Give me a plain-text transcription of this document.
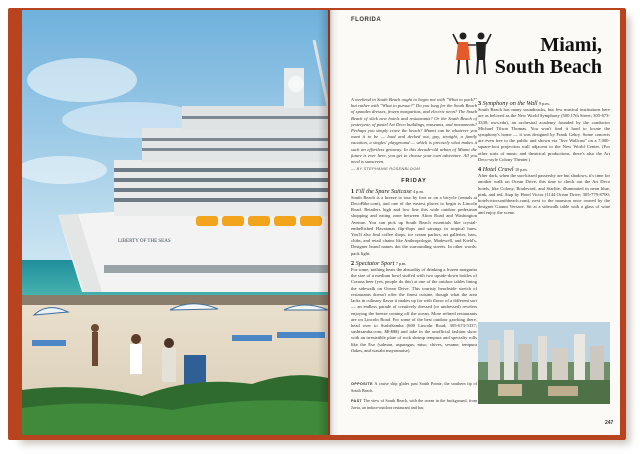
LIBERTY OF THE SEAS
FLORIDA
Miami,
South Beach

A weekend in South Beach ought to begin not with "What to pack?" but rather with "What to pursue?" Do you long for the South Beach of spandex dresses, frozen margaritas, and electric neon? The South Beach of slick new hotels and restaurants? Or the South Beach of yesteryear, of pastel Art Deco buildings, museums, and monuments? Perhaps you simply crave the beach? Miami can be whatever you want it to be — loud and decked out, gay, straight, a family vacation, a singles' playground — which is precisely what makes it such an effortless getaway. In this decade-old urban of Miami the future is ever here, you get to choose your own adventure. All you need is sunscreen.
— BY STEPHANIE ROSENBLOOM

FRIDAY
1 Fill the Spare Suitcase 4 p.m.

South Beach is a breeze to tour by foot or on a bicycle (rentals at DecoBike.com), and one of the easiest places to begin is Lincoln Road. Retailers high and low line this wide outdoor pedestrian shopping and eating zone between Alton Road and Washington Avenue. You can pick up South Beach essentials like crystal-embellished Havaianas flip-flops and sarongs in tropical hues. You'll also find coffee shops, ice cream parlors, art galleries, bars, clubs, and retail chains like Anthropologie, Madewell, and Kiehl's. Designer brand names dot the surrounding streets. In other words: pack light.

2 Spectator Sport 7 p.m.

For some, nothing beats the absurdity of drinking a frozen margarita the size of a medium bowl stuffed with two upside-down bottles of Corona beer (yes, people do this) at one of the outdoor tables lining the sidewalk on Ocean Drive. This touristy beachside stretch of restaurants doesn't offer the finest cuisine, though what the area lacks in culinary flavor it makes up for with flavor of a different sort — an endless parade of creatively dressed (or undressed) revelers enjoying the breeze coming off the ocean. More refined restaurants are on Lincoln Road. For some of the best outdoor gawking there, head over to SushiSamba (600 Lincoln Road; 305-673-5337; sushisamba.com; $$-$$$) and take in the unofficial fashion show with an irresistible plate of rock shrimp tempura and specialty rolls like the Eso (salmon, asparagus, miso, chives, sesame, tempura flakes, and wasabi mayonnaise).

3 Symphony on the Wall 9 p.m.

South Beach has many soundtracks, but few musical institutions here are as beloved as the New World Symphony (500 17th Street; 305-673-3330; nws.edu), an orchestral academy founded by the conductor Michael Tilson Thomas. You won't find it hard to locate the symphony's home — it was designed by Frank Gehry. Some concerts are even free to the public and shown via "live Wallcast" on a 7,000-square-foot projection wall adjacent to the New World Center. (For other sorts of music and theatrical productions, there's also the Art Deco-style Colony Theater.)

4 Hotel Crawl 10 p.m.

After dark, when the sun-kissed passersby are but shadows, it's time for another walk on Ocean Drive, this time to check out the Art Deco hotels, like Colony, Boulevard, and Starlite, illuminated in neon blue, pink, and red. Stop by Hotel Victor (1144 Ocean Drive; 305-779-8700; hotelvictorsouthbeach.com), next to the mansion once owned by the designer Gianni Versace. Sit at a sidewalk table with a glass of wine and enjoy the scene.

OPPOSITE A cruise ship glides past South Pointe, the southern tip of South Beach.
PAST The view of South Beach, with the ocean in the background, from Juvia, an indoor-outdoor restaurant and bar.
247
